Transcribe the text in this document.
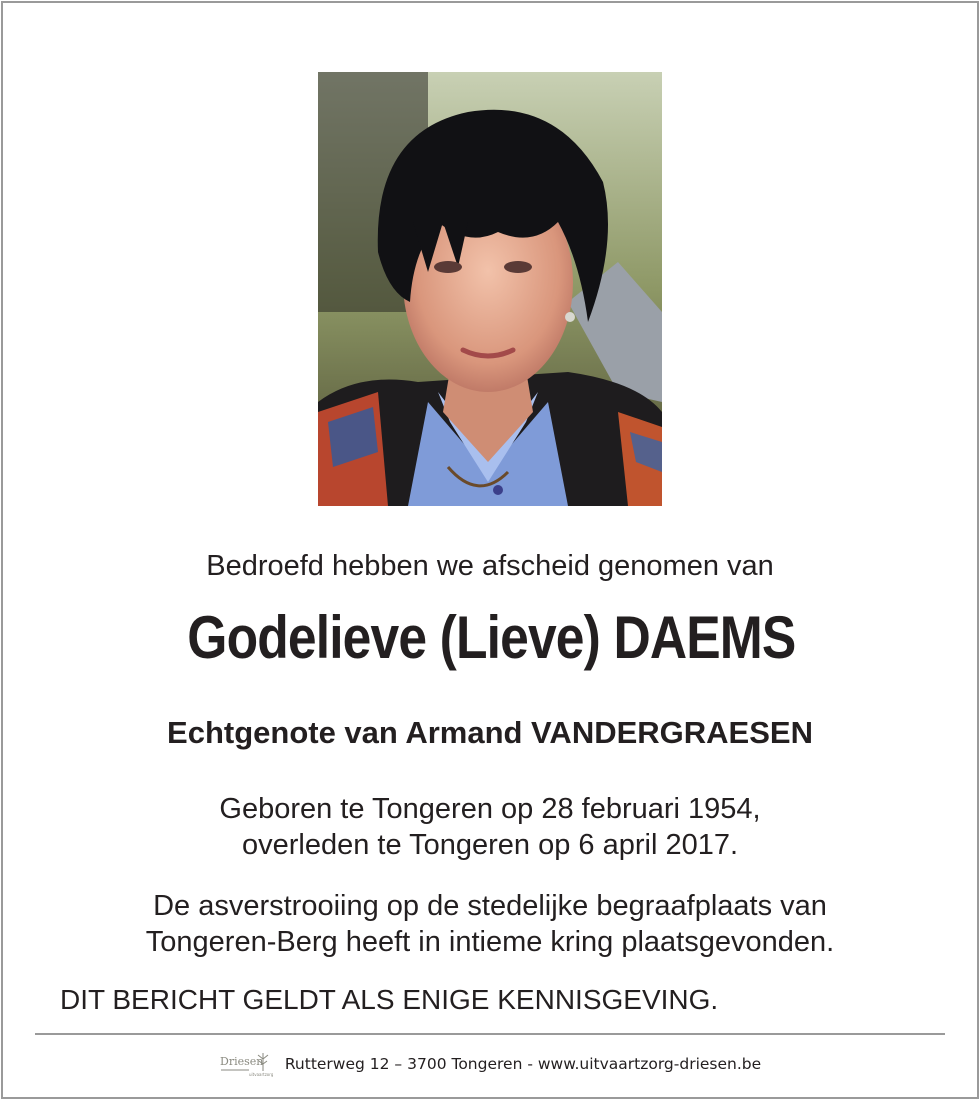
Bedroefd hebben we afscheid genomen van
Godelieve (Lieve) DAEMS
Echtgenote van Armand VANDERGRAESEN
Geboren te Tongeren op 28 februari 1954,
overleden te Tongeren op 6 april 2017.
De asverstrooiing op de stedelijke begraafplaats van
Tongeren-Berg heeft in intieme kring plaatsgevonden.
DIT BERICHT GELDT ALS ENIGE KENNISGEVING.
Driesen
uitvaartzorg
Rutterweg 12 – 3700 Tongeren - www.uitvaartzorg-driesen.be
